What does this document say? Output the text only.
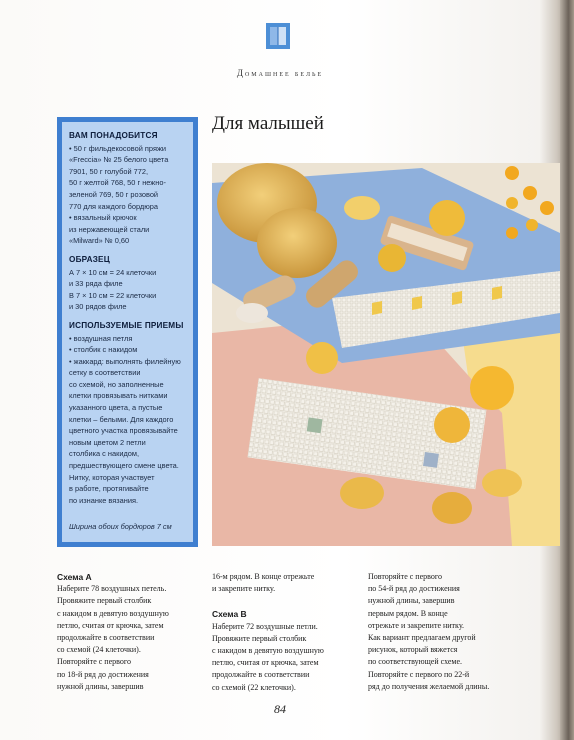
Домашнее белье
Для малышей
ВАМ ПОНАДОБИТСЯ

• 50 г фильдекосовой пряжи

«Freccia» № 25 белого цвета

7901, 50 г голубой 772,

50 г желтой 768, 50 г нежно-

зеленой 769, 50 г розовой

770 для каждого бордюра

• вязальный крючок

из нержавеющей стали

«Milward» № 0,60

ОБРАЗЕЦ

А 7 × 10 см = 24 клеточки

и 33 ряда филе

В 7 × 10 см = 22 клеточки

и 30 рядов филе

ИСПОЛЬЗУЕМЫЕ ПРИЕМЫ

• воздушная петля

• столбик с накидом

• жаккард: выполнять филейную

сетку в соответствии

со схемой, но заполненные

клетки провязывать нитками

указанного цвета, а пустые

клетки – белыми. Для каждого

цветного участка провязывайте

новым цветом 2 петли

столбика с накидом,

предшествующего смене цвета.

Нитку, которая участвует

в работе, протягивайте

по изнанке вязания.

Ширина обоих бордюров 7 см

Схема А

Наберите 78 воздушных петель.

Провяжите первый столбик

с накидом в девятую воздушную

петлю, считая от крючка, затем

продолжайте в соответствии

со схемой (24 клеточки).

Повторяйте с первого

по 18-й ряд до достижения

нужной длины, завершив

16-м рядом. В конце отрежьте

и закрепите нитку.

Схема В

Наберите 72 воздушные петли.

Провяжите первый столбик

с накидом в девятую воздушную

петлю, считая от крючка, затем

продолжайте в соответствии

со схемой (22 клеточки).

Повторяйте с первого

по 54-й ряд до достижения

нужной длины, завершив

первым рядом. В конце

отрежьте и закрепите нитку.

Как вариант предлагаем другой

рисунок, который вяжется

по соответствующей схеме.

Повторяйте с первого по 22-й

ряд до получения желаемой длины.

84
